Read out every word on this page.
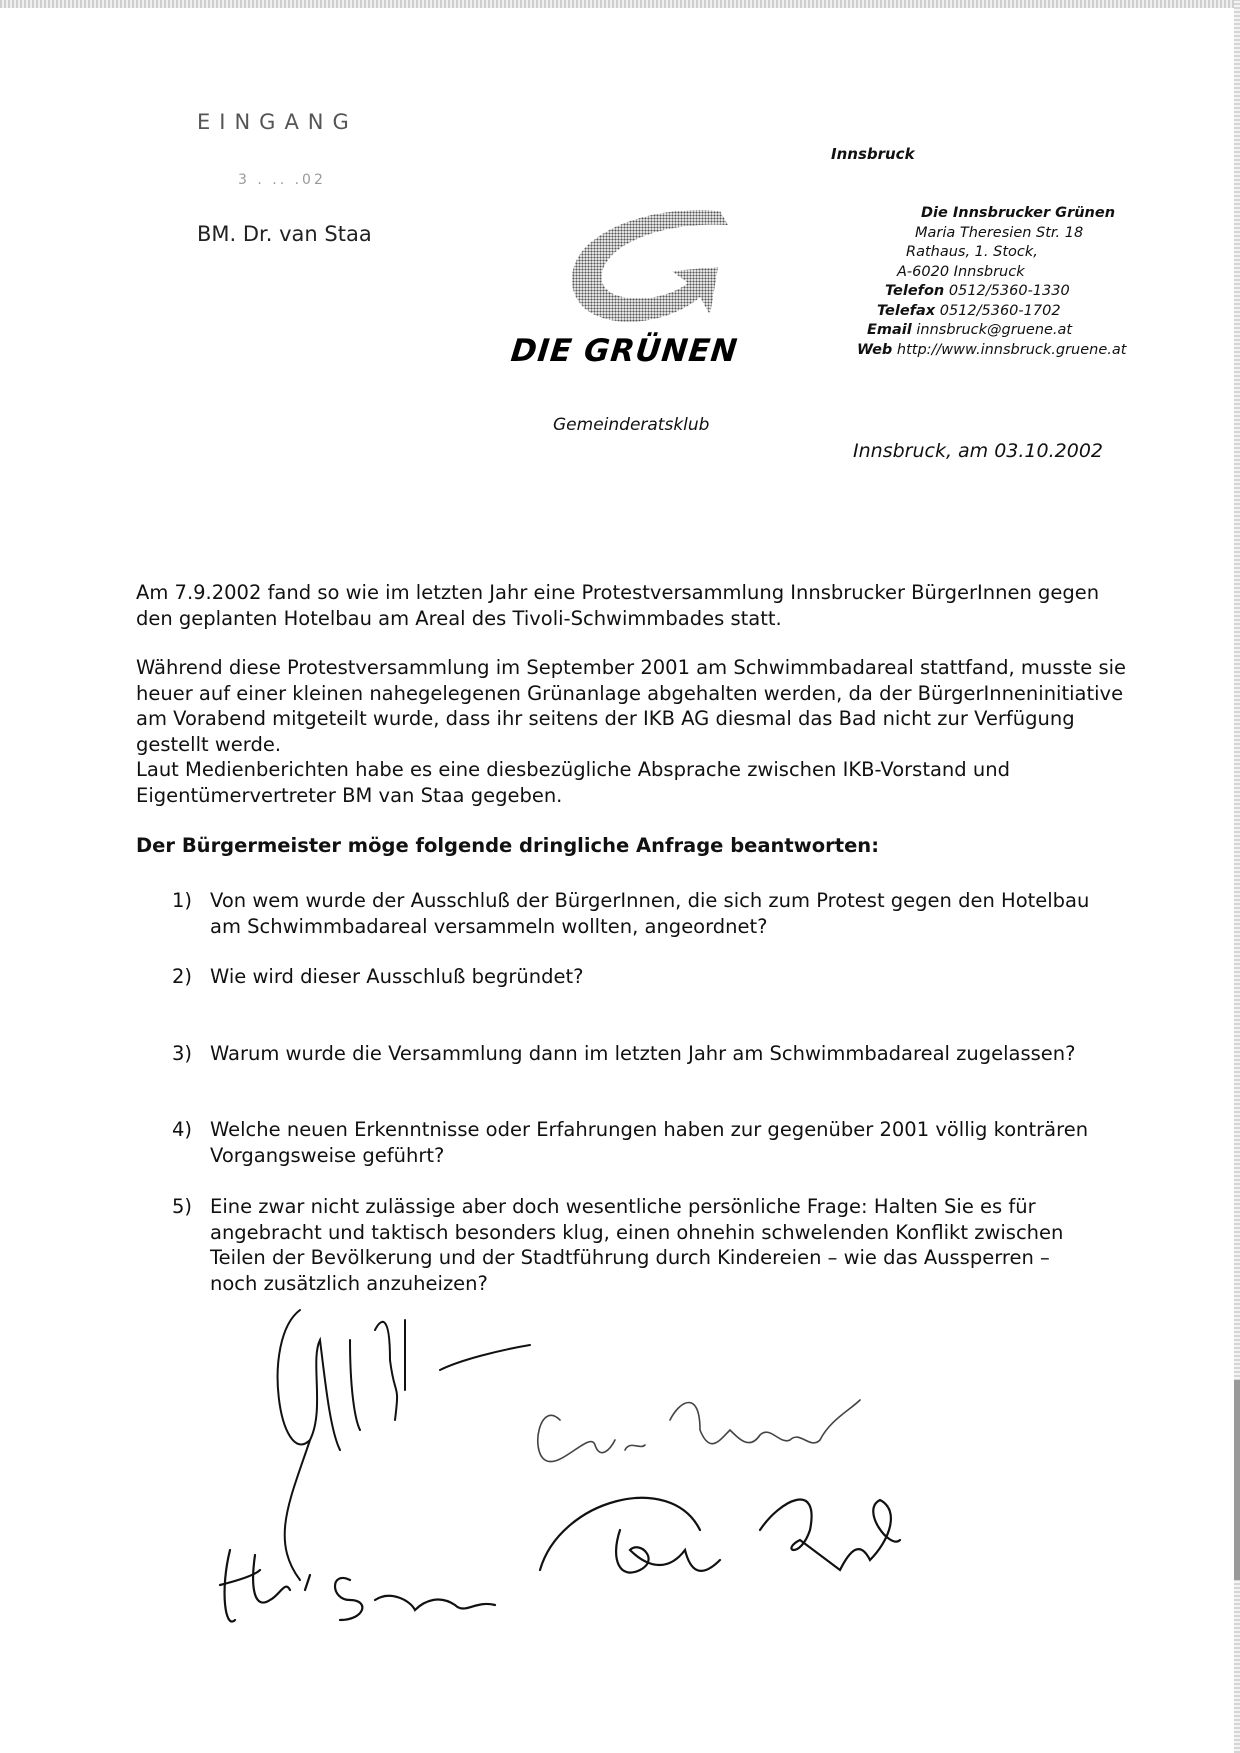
EINGANG
3 . .. .02
BM. Dr. van Staa
Innsbruck
DIE GRÜNEN
Gemeinderatsklub
Die Innsbrucker Grünen
Maria Theresien Str. 18
Rathaus, 1. Stock,
A-6020 Innsbruck
Telefon 0512/5360-1330
Telefax 0512/5360-1702
Email innsbruck@gruene.at
Web http://www.innsbruck.gruene.at
Innsbruck, am 03.10.2002

Am 7.9.2002 fand so wie im letzten Jahr eine Protestversammlung Innsbrucker BürgerInnen gegen den geplanten Hotelbau am Areal des Tivoli-Schwimmbades statt.

Während diese Protestversammlung im September 2001 am Schwimmbadareal stattfand, musste sie heuer auf einer kleinen nahegelegenen Grünanlage abgehalten werden, da der BürgerInneninitiative am Vorabend mitgeteilt wurde, dass ihr seitens der IKB AG diesmal das Bad nicht zur Verfügung gestellt werde.

Laut Medienberichten habe es eine diesbezügliche Absprache zwischen IKB-Vorstand und Eigentümervertreter BM van Staa gegeben.

Der Bürgermeister möge folgende dringliche Anfrage beantworten:
1) Von wem wurde der Ausschluß der BürgerInnen, die sich zum Protest gegen den Hotelbau am Schwimmbadareal versammeln wollten, angeordnet?
2) Wie wird dieser Ausschluß begründet?
3) Warum wurde die Versammlung dann im letzten Jahr am Schwimmbadareal zugelassen?
4) Welche neuen Erkenntnisse oder Erfahrungen haben zur gegenüber 2001 völlig konträren Vorgangsweise geführt?
5) Eine zwar nicht zulässige aber doch wesentliche persönliche Frage: Halten Sie es für angebracht und taktisch besonders klug, einen ohnehin schwelenden Konflikt zwischen Teilen der Bevölkerung und der Stadtführung durch Kindereien – wie das Aussperren – noch zusätzlich anzuheizen?
